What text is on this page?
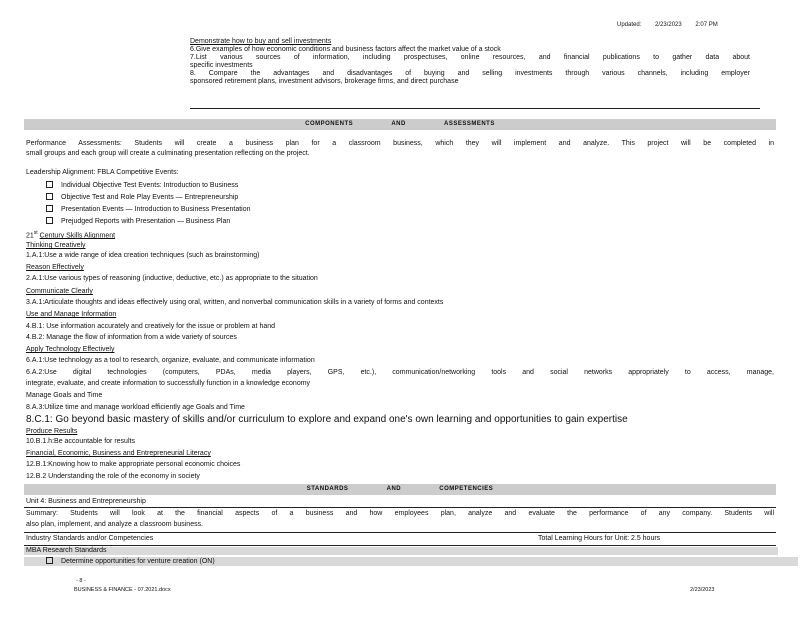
Updated: 2/23/2023 2:07 PM
Demonstrate how to buy and sell investments
6.Give examples of how economic conditions and business factors affect the market value of a stock
7.List various sources of information, including prospectuses, online resources, and financial publications to gather data about
specific investments
8. Compare the advantages and disadvantages of buying and selling investments through various channels, including employer
sponsored retirement plans, investment advisors, brokerage firms, and direct purchase
COMPONENTS	AND	ASSESSMENTS
Performance Assessments: Students will create a business plan for a classroom business, which they will implement and analyze. This project will be completed in
small groups and each group will create a culminating presentation reflecting on the project.
Leadership Alignment: FBLA Competitive Events:
Individual Objective Test Events: Introduction to Business
Objective Test and Role Play Events — Entrepreneurship
Presentation Events — Introduction to Business Presentation
Prejudged Reports with Presentation — Business Plan
21st Century Skills Alignment
Thinking Creatively
1.A.1:Use a wide range of idea creation techniques (such as brainstorming)
Reason Effectively
2.A.1:Use various types of reasoning (inductive, deductive, etc.) as appropriate to the situation
Communicate Clearly
3.A.1:Articulate thoughts and ideas effectively using oral, written, and nonverbal communication skills in a variety of forms and contexts
Use and Manage Information
4.B.1: Use information accurately and creatively for the issue or problem at hand
4.B.2: Manage the flow of information from a wide variety of sources
Apply Technology Effectively
6.A.1:Use technology as a tool to research, organize, evaluate, and communicate information
6.A.2:Use digital technologies (computers, PDAs, media players, GPS, etc.), communication/networking tools and social networks appropriately to access, manage,
integrate, evaluate, and create information to successfully function in a knowledge economy
Manage Goals and Time
8.A.3:Utilize time and manage workload efficiently age Goals and Time
8.C.1: Go beyond basic mastery of skills and/or curriculum to explore and expand one's own learning and opportunities to gain expertise
Produce Results
10.B.1.h:Be accountable for results
Financial, Economic, Business and Entrepreneurial Literacy
12.B.1:Knowing how to make appropriate personal economic choices
12.B.2 Understanding the role of the economy in society
STANDARDS	AND	COMPETENCIES
Unit 4: Business and Entrepreneurship
Summary: Students will look at the financial aspects of a business and how employees plan, analyze and evaluate the performance of any company. Students will
also plan, implement, and analyze a classroom business.
Industry Standards and/or Competencies	Total Learning Hours for Unit: 2.5 hours
MBA Research Standards
Determine opportunities for venture creation (ON)
- 8 -
BUSINESS & FINANCE - 07.2021.docx	2/23/2023
